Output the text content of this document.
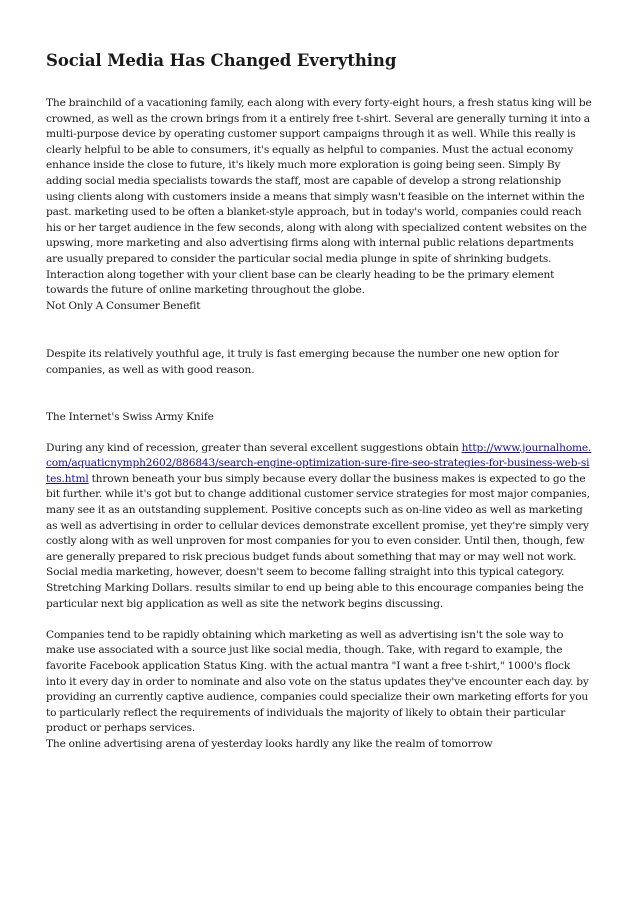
Social Media Has Changed Everything

The brainchild of a vacationing family, each along with every forty-eight hours, a fresh status king will be crowned, as well as the crown brings from it a entirely free t-shirt. Several are generally turning it into a multi-purpose device by operating customer support campaigns through it as well. While this really is clearly helpful to be able to consumers, it's equally as helpful to companies. Must the actual economy enhance inside the close to future, it's likely much more exploration is going being seen. Simply By adding social media specialists towards the staff, most are capable of develop a strong relationship using clients along with customers inside a means that simply wasn't feasible on the internet within the past. marketing used to be often a blanket-style approach, but in today's world, companies could reach his or her target audience in the few seconds, along with along with specialized content websites on the upswing, more marketing and also advertising firms along with internal public relations departments are usually prepared to consider the particular social media plunge in spite of shrinking budgets. Interaction along together with your client base can be clearly heading to be the primary element towards the future of online marketing throughout the globe.

Not Only A Consumer Benefit

Despite its relatively youthful age, it truly is fast emerging because the number one new option for companies, as well as with good reason.

The Internet's Swiss Army Knife

During any kind of recession, greater than several excellent suggestions obtain http://www.journalhome.com/aquaticnymph2602/886843/search-engine-optimization-sure-fire-seo-strategies-for-business-web-sites.html thrown beneath your bus simply because every dollar the business makes is expected to go the bit further. while it's got but to change additional customer service strategies for most major companies, many see it as an outstanding supplement. Positive concepts such as on-line video as well as marketing as well as advertising in order to cellular devices demonstrate excellent promise, yet they're simply very costly along with as well unproven for most companies for you to even consider. Until then, though, few are generally prepared to risk precious budget funds about something that may or may well not work. Social media marketing, however, doesn't seem to become falling straight into this typical category.

Stretching Marking Dollars. results similar to end up being able to this encourage companies being the particular next big application as well as site the network begins discussing.

Companies tend to be rapidly obtaining which marketing as well as advertising isn't the sole way to make use associated with a source just like social media, though. Take, with regard to example, the favorite Facebook application Status King. with the actual mantra "I want a free t-shirt," 1000's flock into it every day in order to nominate and also vote on the status updates they've encounter each day. by providing an currently captive audience, companies could specialize their own marketing efforts for you to particularly reflect the requirements of individuals the majority of likely to obtain their particular product or perhaps services.

The online advertising arena of yesterday looks hardly any like the realm of tomorrow
